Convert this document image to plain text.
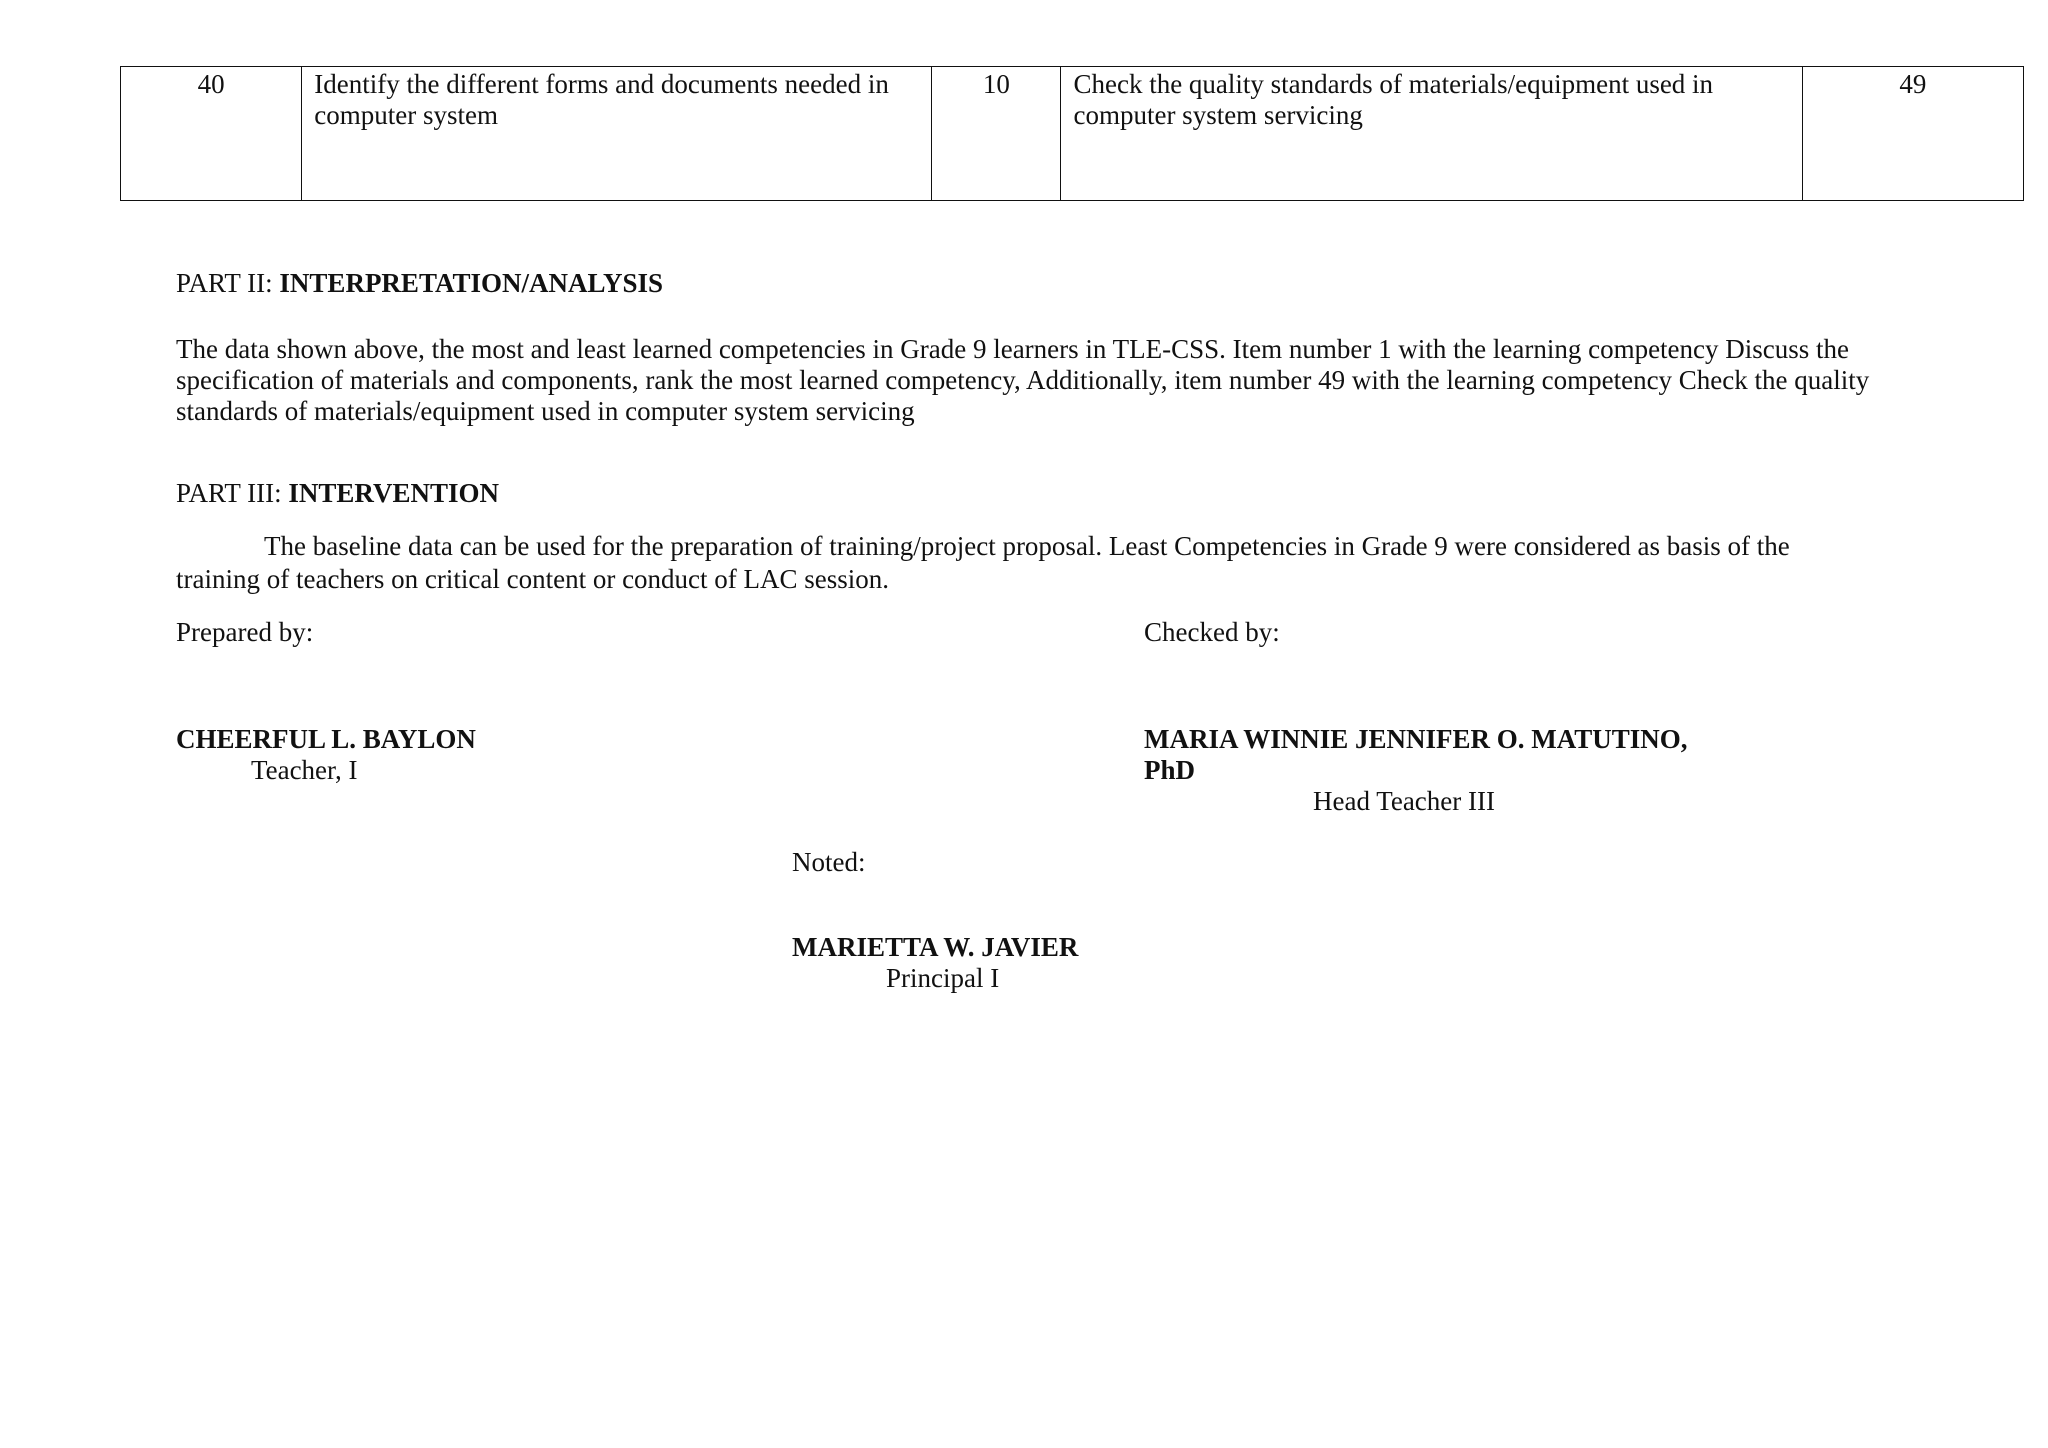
40	Identify the different forms and documents needed in computer system	10	Check the quality standards of materials/equipment used in computer system servicing	49

PART II: INTERPRETATION/ANALYSIS

The data shown above, the most and least learned competencies in Grade 9 learners in TLE-CSS. Item number 1 with the learning competency Discuss the specification of materials and components, rank the most learned competency, Additionally, item number 49 with the learning competency Check the quality standards of materials/equipment used in computer system servicing

PART III: INTERVENTION

The baseline data can be used for the preparation of training/project proposal. Least Competencies in Grade 9 were considered as basis of the training of teachers on critical content or conduct of LAC session.

Prepared by:	Checked by:

CHEERFUL L. BAYLON
Teacher, I
MARIA WINNIE JENNIFER O. MATUTINO, PhD
Head Teacher III

Noted:

MARIETTA W. JAVIER
Principal I
